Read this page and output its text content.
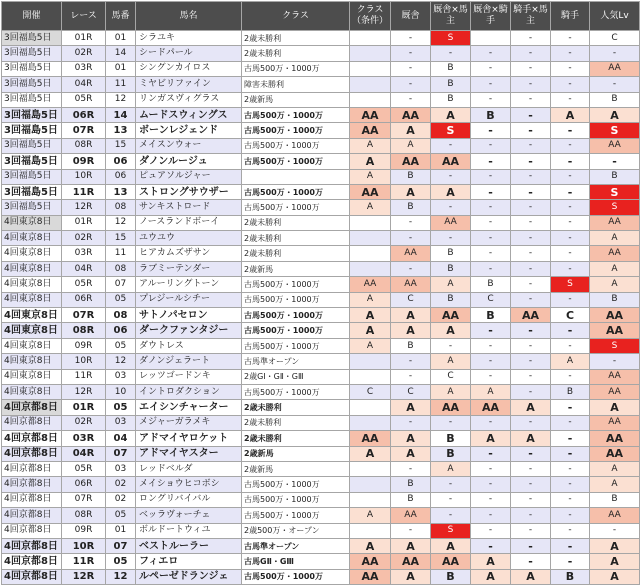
開催	レース	馬番	馬名	クラス	クラス（条件）	厩舎	厩舎×馬主	厩舎×騎手	騎手×馬主	騎手	人気Lv	
3回福島5日	01R	01	シラユキ	2歳未勝利		-	S		-	-	C	
3回福島5日	02R	14	シードパール	2歳未勝利		-	-	-	-	-	-	
3回福島5日	03R	01	シングンカイロス	古馬500万・1000万		-	B	-	-	-	AA	
3回福島5日	04R	11	ミヤビリファイン	障害未勝利		-	B	-	-	-	-	
3回福島5日	05R	12	リンガスヴィグラス	2歳新馬		-	B	-	-	-	B	
3回福島5日	06R	14	ムードスウィングス	古馬500万・1000万	AA	AA	A	B	-	A	A	
3回福島5日	07R	13	ボーンレジェンド	古馬500万・1000万	AA	A	S	-	-	-	S	
3回福島5日	08R	15	メイスンウォー	古馬500万・1000万	A	A	-	-	-	-	AA	
3回福島5日	09R	06	ダノンルージュ	古馬500万・1000万	A	AA	AA	-	-	-	-	
3回福島5日	10R	06	ピュアソルジャー		A	B	-	-	-	-	B	
3回福島5日	11R	13	ストロングサウザー	古馬500万・1000万	AA	A	A	-	-	-	S	
3回福島5日	12R	08	サンキストロード	古馬500万・1000万	A	B	-	-	-	-	S	
4回東京8日	01R	12	ノースランドボーイ	2歳未勝利		-	AA	-	-	-	AA	
4回東京8日	02R	15	ユウユウ	2歳未勝利		-	-	-	-	-	A	
4回東京8日	03R	11	ヒアカムズザサン	2歳未勝利		AA	B	-	-	-	AA	
4回東京8日	04R	08	ラブミーテンダー	2歳新馬		-	B	-	-	-	A	
4回東京8日	05R	07	アルーリングトーン	古馬500万・1000万	AA	AA	A	B	-	S	A	
4回東京8日	06R	05	プレジールシチー	古馬500万・1000万	A	C	B	C	-	-	B	
4回東京8日	07R	08	サトノパセロン	古馬500万・1000万	A	A	AA	B	AA	C	AA	
4回東京8日	08R	06	ダークファンタジー	古馬500万・1000万	A	A	A	-	-	-	AA	
4回東京8日	09R	05	ダウトレス	古馬500万・1000万	A	B	-	-	-	-	S	
4回東京8日	10R	12	ダノンジェラート	古馬準オープン		-	A	-	-	A	-	
4回東京8日	11R	03	レッツゴードンキ	2歳GⅠ・GⅡ・GⅢ		-	C	-	-	-	AA	
4回東京8日	12R	10	イントロダクション	古馬500万・1000万	C	C	A	A	-	B	AA	
4回京都8日	01R	05	エイシンチャーター	2歳未勝利		A	AA	AA	A	-	A	
4回京都8日	02R	03	メジャーガラメキ	2歳未勝利		-	-	-	-	-	AA	
4回京都8日	03R	04	アドマイヤロケット	2歳未勝利	AA	A	B	A	A	-	AA	
4回京都8日	04R	07	アドマイヤスター	2歳新馬	A	A	B	-	-	-	AA	
4回京都8日	05R	03	レッドベルダ	2歳新馬		-	A	-	-	-	A	
4回京都8日	06R	02	メイショウヒコボシ	古馬500万・1000万		B	-	-	-	-	A	
4回京都8日	07R	02	ロングリバイバル	古馬500万・1000万		B	-	-	-	-	B	
4回京都8日	08R	05	ベッラヴォーチェ	古馬500万・1000万	A	AA	-	-	-	-	AA	
4回京都8日	09R	01	ボルドートウィユ	2歳500万・オープン		-	S	-	-	-	-	
4回京都8日	10R	07	ベストルーラー	古馬準オープン	A	A	A	-	-	-	A	
4回京都8日	11R	05	フィエロ	古馬GⅡ・GⅢ	AA	AA	AA	A	-	-	A	
4回京都8日	12R	12	ルペーゼドランジェ	古馬500万・1000万	AA	A	B	A	A	B	A	
